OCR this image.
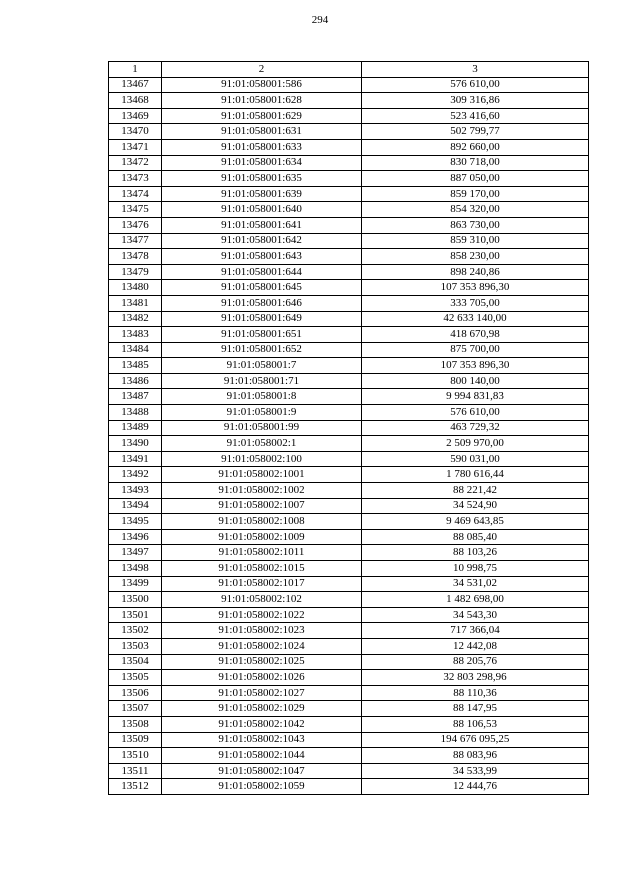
294
1	2	3
13467	91:01:058001:586	576 610,00
13468	91:01:058001:628	309 316,86
13469	91:01:058001:629	523 416,60
13470	91:01:058001:631	502 799,77
13471	91:01:058001:633	892 660,00
13472	91:01:058001:634	830 718,00
13473	91:01:058001:635	887 050,00
13474	91:01:058001:639	859 170,00
13475	91:01:058001:640	854 320,00
13476	91:01:058001:641	863 730,00
13477	91:01:058001:642	859 310,00
13478	91:01:058001:643	858 230,00
13479	91:01:058001:644	898 240,86
13480	91:01:058001:645	107 353 896,30
13481	91:01:058001:646	333 705,00
13482	91:01:058001:649	42 633 140,00
13483	91:01:058001:651	418 670,98
13484	91:01:058001:652	875 700,00
13485	91:01:058001:7	107 353 896,30
13486	91:01:058001:71	800 140,00
13487	91:01:058001:8	9 994 831,83
13488	91:01:058001:9	576 610,00
13489	91:01:058001:99	463 729,32
13490	91:01:058002:1	2 509 970,00
13491	91:01:058002:100	590 031,00
13492	91:01:058002:1001	1 780 616,44
13493	91:01:058002:1002	88 221,42
13494	91:01:058002:1007	34 524,90
13495	91:01:058002:1008	9 469 643,85
13496	91:01:058002:1009	88 085,40
13497	91:01:058002:1011	88 103,26
13498	91:01:058002:1015	10 998,75
13499	91:01:058002:1017	34 531,02
13500	91:01:058002:102	1 482 698,00
13501	91:01:058002:1022	34 543,30
13502	91:01:058002:1023	717 366,04
13503	91:01:058002:1024	12 442,08
13504	91:01:058002:1025	88 205,76
13505	91:01:058002:1026	32 803 298,96
13506	91:01:058002:1027	88 110,36
13507	91:01:058002:1029	88 147,95
13508	91:01:058002:1042	88 106,53
13509	91:01:058002:1043	194 676 095,25
13510	91:01:058002:1044	88 083,96
13511	91:01:058002:1047	34 533,99
13512	91:01:058002:1059	12 444,76
